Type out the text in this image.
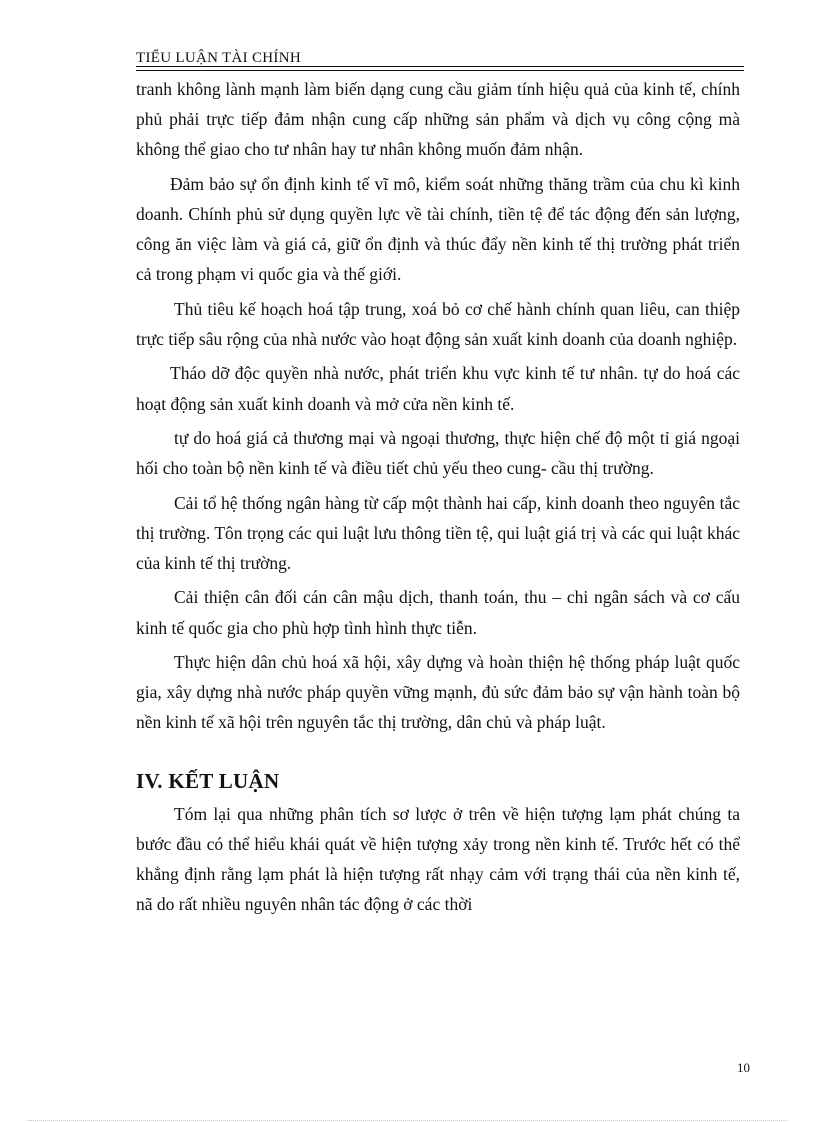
TIỂU LUẬN TÀI CHÍNH

tranh không lành mạnh làm biến dạng cung cầu giảm tính hiệu quả của kinh tế, chính phủ phải trực tiếp đảm nhận cung cấp những sản phẩm và dịch vụ công cộng mà không thể giao cho tư nhân hay tư nhân không muốn đảm nhận.

Đảm bảo sự ổn định kinh tế vĩ mô, kiểm soát những thăng trầm của chu kì kinh doanh. Chính phủ sử dụng quyền lực về tài chính, tiền tệ để tác động đến sản lượng, công ăn việc làm và giá cả, giữ ổn định và thúc đẩy nền kinh tế thị trường phát triển cả trong phạm vi quốc gia và thế giới.

Thủ tiêu kế hoạch hoá tập trung, xoá bỏ cơ chế hành chính quan liêu, can thiệp trực tiếp sâu rộng của nhà nước vào hoạt động sản xuất kinh doanh của doanh nghiệp.

Tháo dỡ độc quyền nhà nước, phát triển khu vực kinh tế tư nhân. tự do hoá các hoạt động sản xuất kinh doanh và mở cửa nền kinh tế.

tự do hoá giá cả thương mại và ngoại thương, thực hiện chế độ một tỉ giá ngoại hối cho toàn bộ nền kinh tế và điều tiết chủ yếu theo cung- cầu thị trường.

Cải tổ hệ thống ngân hàng từ cấp một thành hai cấp, kinh doanh theo nguyên tắc thị trường. Tôn trọng các qui luật lưu thông tiền tệ, qui luật giá trị và các qui luật khác của kinh tế thị trường.

Cải thiện cân đối cán cân mậu dịch, thanh toán, thu – chi ngân sách và cơ cấu kinh tế quốc gia cho phù hợp tình hình thực tiễn.

Thực hiện dân chủ hoá xã hội, xây dựng và hoàn thiện hệ thống pháp luật quốc gia, xây dựng nhà nước pháp quyền vững mạnh, đủ sức đảm bảo sự vận hành toàn bộ nền kinh tế xã hội trên nguyên tắc thị trường, dân chủ và pháp luật.

IV. KẾT LUẬN

Tóm lại qua những phân tích sơ lược ở trên về hiện tượng lạm phát chúng ta bước đầu có thể hiểu khái quát về hiện tượng xảy trong nền kinh tế. Trước hết có thể khẳng định rằng lạm phát là hiện tượng rất nhạy cảm với trạng thái của nền kinh tế, nã do rất nhiều nguyên nhân tác động ở các thời

10
